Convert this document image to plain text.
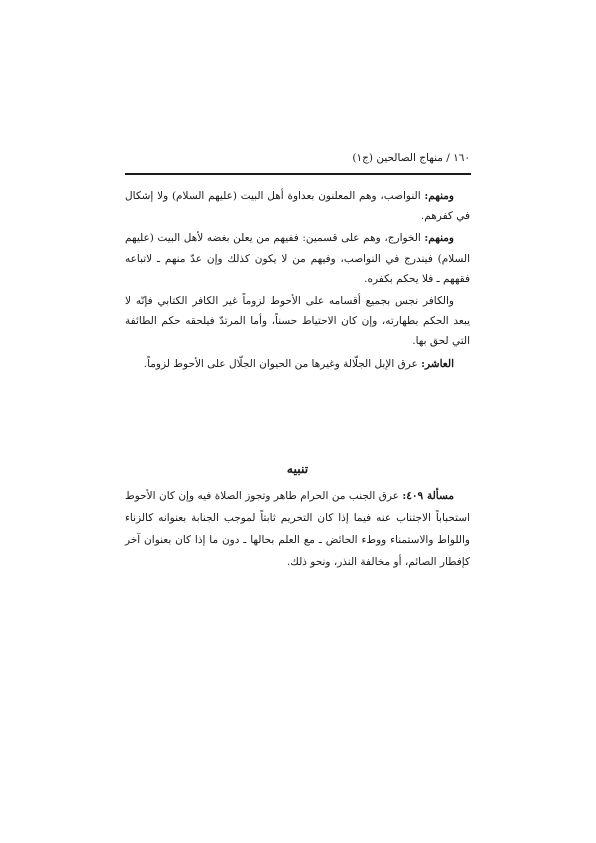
١٦٠ / منهاج الصالحين (ج١)

ومنهم: النواصب، وهم المعلنون بعداوة أهل البيت (عليهم السلام) ولا إشكال في كفرهم.

ومنهم: الخوارج، وهم على قسمين: ففيهم من يعلن بغضه لأهل البيت (عليهم السلام) فيندرج في النواصب، وفيهم من لا يكون كذلك وإن عدّ منهم ـ لاتباعه فقههم ـ فلا يحكم بكفره.

والكافر نجس بجميع أقسامه على الأحوط لزوماً غير الكافر الكتابي فإنّه لا يبعد الحكم بطهارته، وإن كان الاحتياط حسناً، وأما المرتدّ فيلحقه حكم الطائفة التي لحق بها.

العاشر: عرق الإبل الجلّالة وغيرها من الحيوان الجلّال على الأحوط لزوماً.

تنبيه

مسألة ٤٠٩: عرق الجنب من الحرام طاهر وتجوز الصلاة فيه وإن كان الأحوط استحباباً الاجتناب عنه فيما إذا كان التحريم ثابتاً لموجب الجنابة بعنوانه كالزناء واللواط والاستمناء ووطء الحائض ـ مع العلم بحالها ـ دون ما إذا كان بعنوان آخر كإفطار الصائم، أو مخالفة النذر، ونحو ذلك.
